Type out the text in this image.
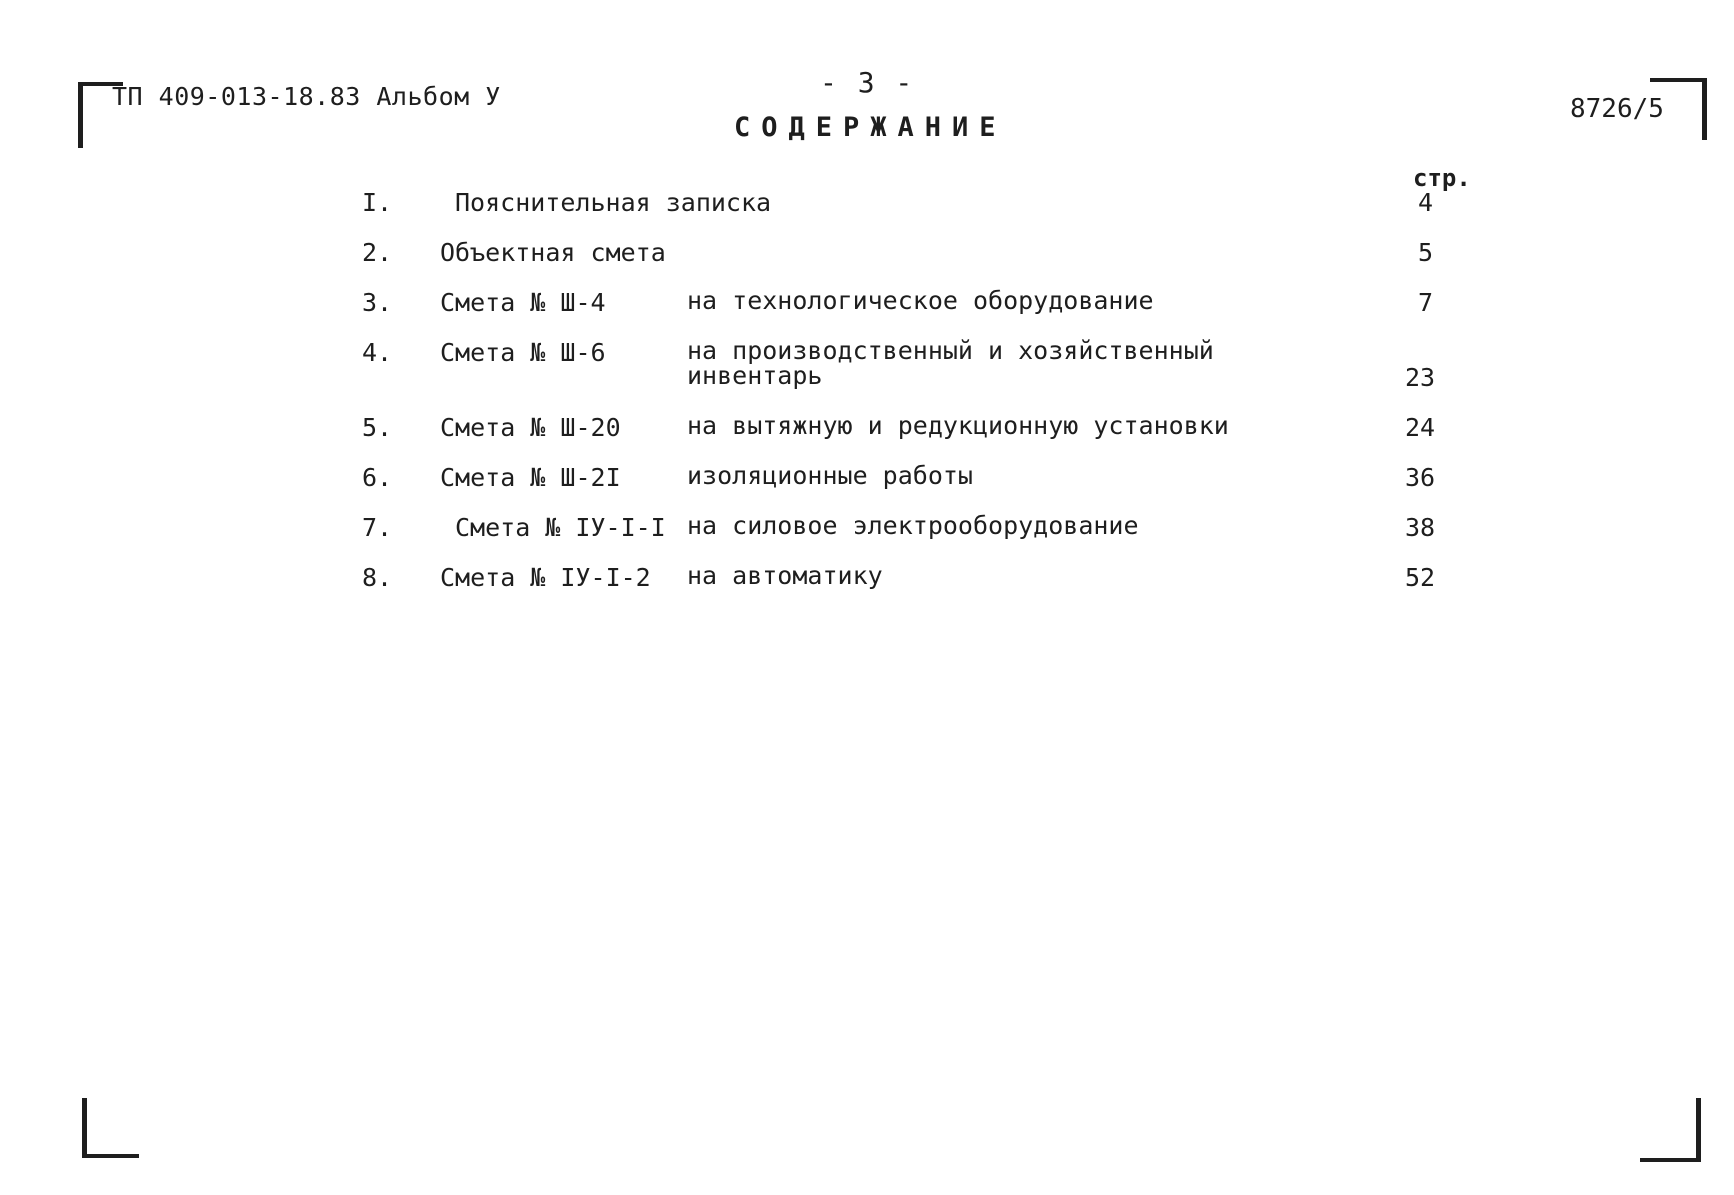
ТП 409-013-18.83 Альбом У	- 3 -
СОДЕРЖАНИЕ
8726/5
стр.
I.	Пояснительная записка	4
2. Объектная смета	5
3. Смета № Ш-4	на технологическое оборудование	7
4. Смета № Ш-6	на производственный и хозяйственный
инвентарь	23
5. Смета № Ш-20	на вытяжную и редукционную установки	24
6. Смета № Ш-2I	изоляционные работы	36
7.	Смета № IУ-I-I на силовое электрооборудование	38
8. Смета № IУ-I-2 на автоматику	52
